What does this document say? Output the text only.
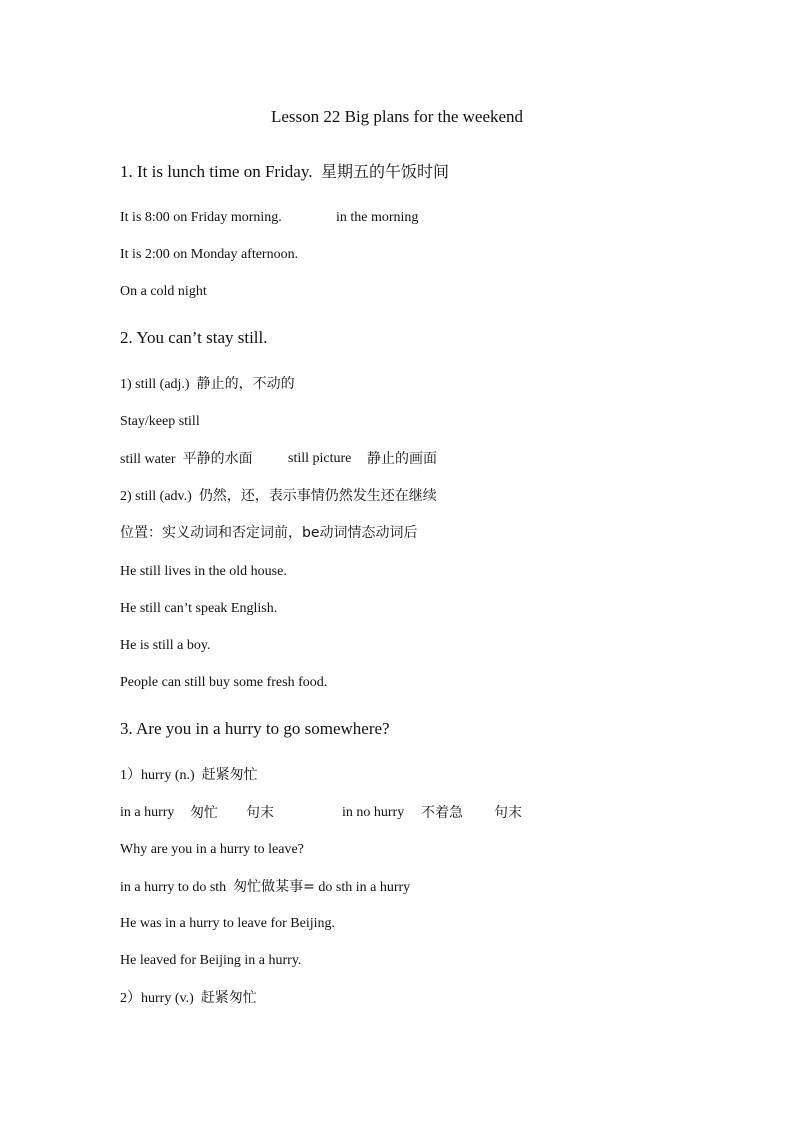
Lesson 22 Big plans for the weekend
1. It is lunch time on Friday. 星期五的午饭时间
It is 8:00 on Friday morning.	in the morning
It is 2:00 on Monday afternoon.
On a cold night
2. You can’t stay still.
1) still (adj.) 静止的，不动的
Stay/keep still
still water 平静的水面	still picture 静止的画面
2) still (adv.) 仍然，还，表示事情仍然发生还在继续
位置：实义动词和否定词前，be动词情态动词后
He still lives in the old house.
He still can’t speak English.
He is still a boy.
People can still buy some fresh food.
3. Are you in a hurry to go somewhere?
1）hurry (n.) 赶紧匆忙
in a hurry 匆忙 句末	in no hurry 不着急 句末
Why are you in a hurry to leave?
in a hurry to do sth 匆忙做某事= do sth in a hurry
He was in a hurry to leave for Beijing.
He leaved for Beijing in a hurry.
2）hurry (v.) 赶紧匆忙
